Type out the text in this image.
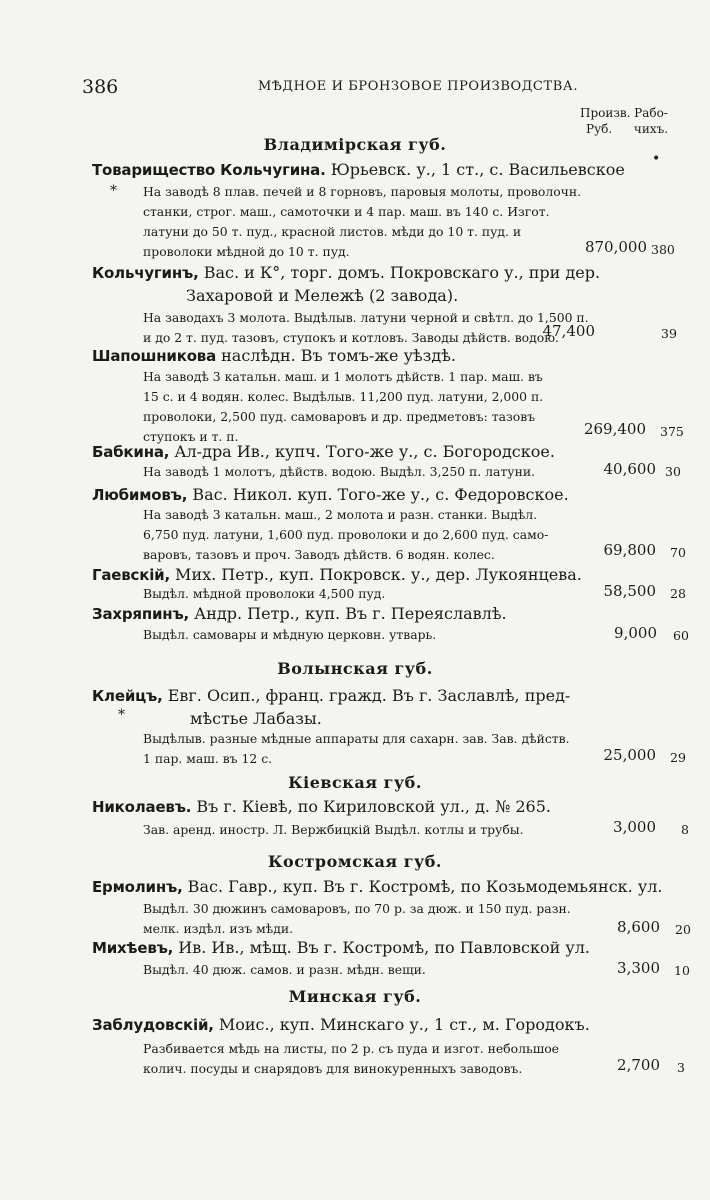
386	МѢДНОЕ И БРОНЗОВОЕ ПРОИЗВОДСТВА.
Произв.
Руб.
Рабо-
чихъ.
•
Владимірская губ.
Волынская губ.
Кіевская губ.
Костромская губ.
Минская губ.
Товарищество Кольчугина. Юрьевск. у., 1 ст., с. Васильевское
* На заводѣ 8 плав. печей и 8 горновъ, паровыя молоты, проволочн.
станки, строг. маш., самоточки и 4 пар. маш. въ 140 с. Изгот.
латуни до 50 т. пуд., красной листов. мѣди до 10 т. пуд. и
проволоки мѣдной до 10 т. пуд.	870,000 380
Кольчугинъ, Вас. и К°, торг. домъ. Покровскаго у., при дер.
Захаровой и Мележѣ (2 завода).
На заводахъ 3 молота. Выдѣлыв. латуни черной и свѣтл. до 1,500 п.
и до 2 т. пуд. тазовъ, ступокъ и котловъ. Заводы дѣйств. водою.
47,400	39
Шапошникова наслѣдн. Въ томъ-же уѣздѣ.
На заводѣ 3 катальн. маш. и 1 молотъ дѣйств. 1 пар. маш. въ
15 с. и 4 водян. колес. Выдѣлыв. 11,200 пуд. латуни, 2,000 п.
проволоки, 2,500 пуд. самоваровъ и др. предметовъ: тазовъ
ступокъ и т. п.	269,400 375
Бабкина, Ал-дра Ив., купч. Того-же у., с. Богородское.
На заводѣ 1 молотъ, дѣйств. водою. Выдѣл. 3,250 п. латуни.	40,600 30
Любимовъ, Вас. Никол. куп. Того-же у., с. Федоровское.
На заводѣ 3 катальн. маш., 2 молота и разн. станки. Выдѣл.
6,750 пуд. латуни, 1,600 пуд. проволоки и до 2,600 пуд. само-
варовъ, тазовъ и проч. Заводъ дѣйств. 6 водян. колес.	69,800 70
Гаевскій, Мих. Петр., куп. Покровск. у., дер. Лукоянцева.
Выдѣл. мѣдной проволоки 4,500 пуд.	58,500 28
Захряпинъ, Андр. Петр., куп. Въ г. Переяславлѣ.
Выдѣл. самовары и мѣдную церковн. утварь.	9,000 60
Клейцъ, Евг. Осип., франц. гражд. Въ г. Заславлѣ, пред-
мѣстье Лабазы.
*
Выдѣлыв. разные мѣдные аппараты для сахарн. зав. Зав. дѣйств.
1 пар. маш. въ 12 с.	25,000 29
Николаевъ. Въ г. Кіевѣ, по Кириловской ул., д. № 265.
Зав. аренд. иностр. Л. Вержбицкій Выдѣл. котлы и трубы.	3,000 8
Ермолинъ, Вас. Гавр., куп. Въ г. Костромѣ, по Козьмодемьянск. ул.
Выдѣл. 30 дюжинъ самоваровъ, по 70 р. за дюж. и 150 пуд. разн.
мелк. издѣл. изъ мѣди.	8,600 20
Михѣевъ, Ив. Ив., мѣщ. Въ г. Костромѣ, по Павловской ул.
Выдѣл. 40 дюж. самов. и разн. мѣдн. вещи.	3,300 10
Заблудовскій, Моис., куп. Минскаго у., 1 ст., м. Городокъ.
Разбивается мѣдь на листы, по 2 р. съ пуда и изгот. небольшое
колич. посуды и снарядовъ для винокуренныхъ заводовъ.	2,700 3
